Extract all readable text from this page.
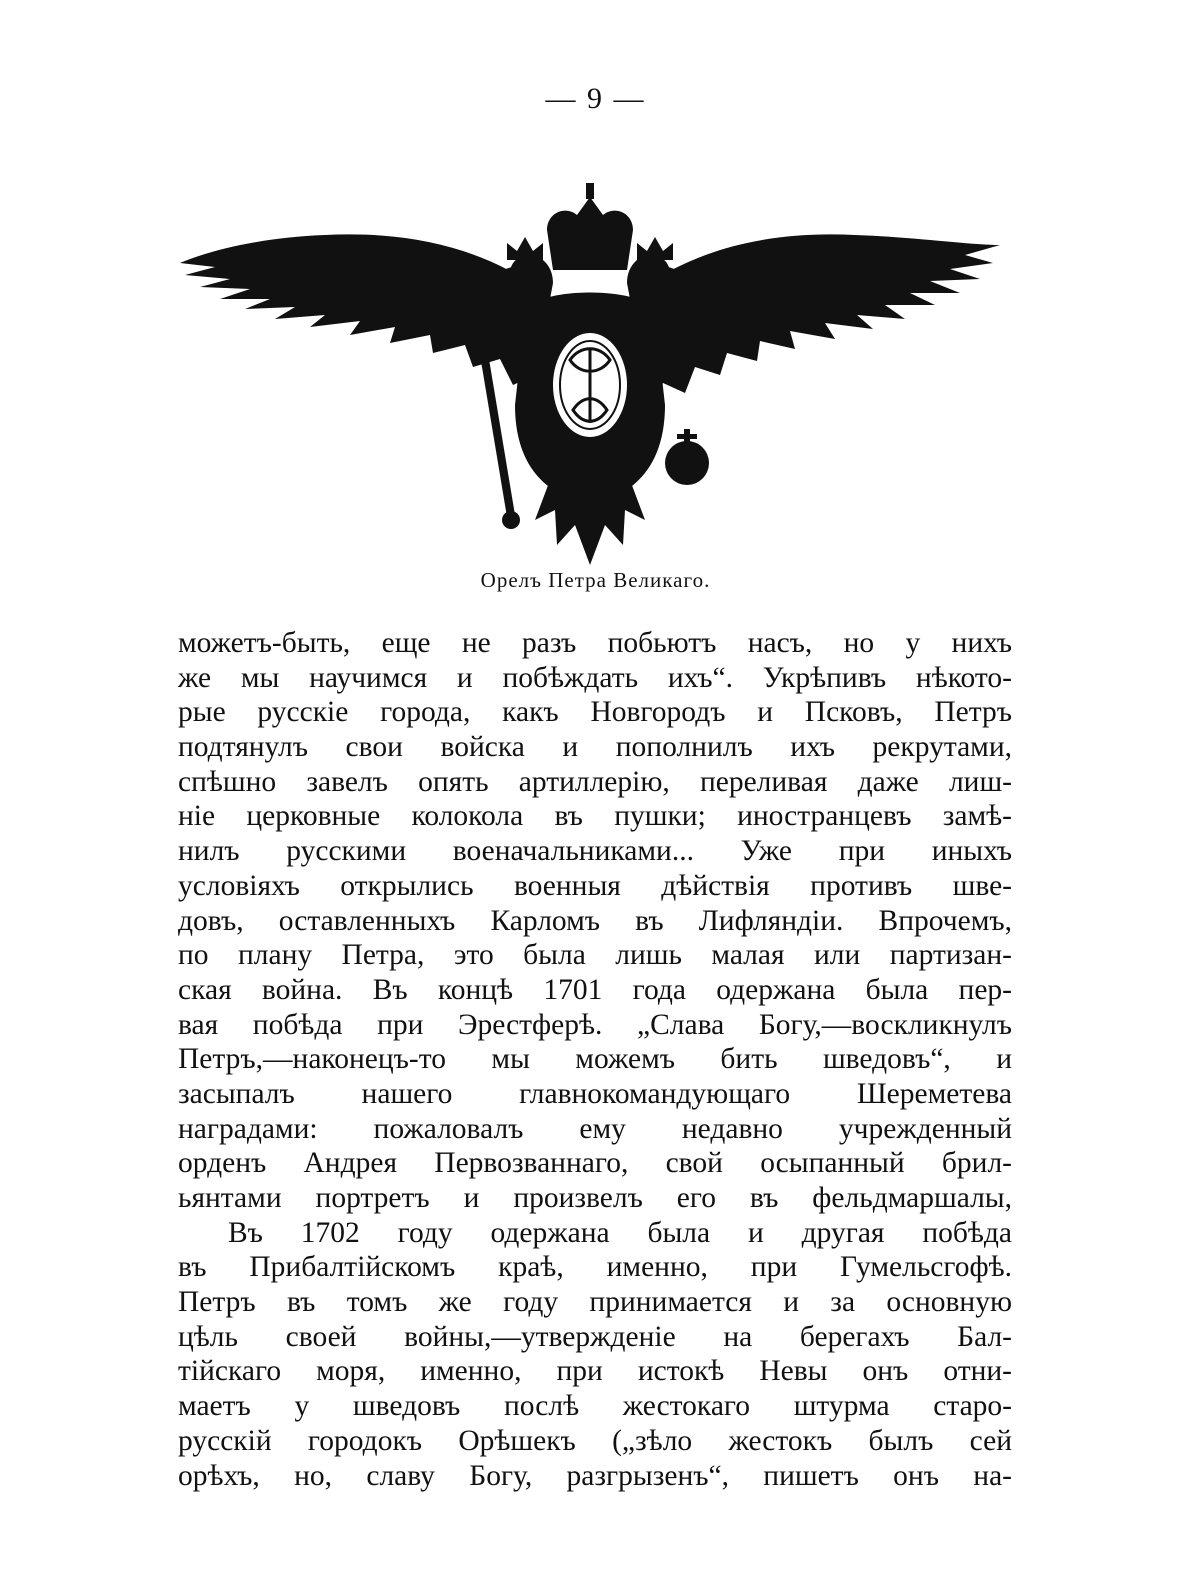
— 9 —
Орелъ Петра Великаго.
можетъ-быть, еще не разъ побьютъ насъ, но у нихъ
же мы научимся и побѣждать ихъ“. Укрѣпивъ нѣкото-
рые русскіе города, какъ Новгородъ и Псковъ, Петръ
подтянулъ свои войска и пополнилъ ихъ рекрутами,
спѣшно завелъ опять артиллерію, переливая даже лиш-
ніе церковные колокола въ пушки; иностранцевъ замѣ-
нилъ русскими военачальниками... Уже при иныхъ
условіяхъ открылись военныя дѣйствія противъ шве-
довъ, оставленныхъ Карломъ въ Лифляндіи. Впрочемъ,
по плану Петра, это была лишь малая или партизан-
ская война. Въ концѣ 1701 года одержана была пер-
вая побѣда при Эрестферѣ. „Слава Богу,—воскликнулъ
Петръ,—наконецъ-то мы можемъ бить шведовъ“, и
засыпалъ нашего главнокомандующаго Шереметева
наградами: пожаловалъ ему недавно учрежденный
орденъ Андрея Первозваннаго, свой осыпанный брил-
ьянтами портретъ и произвелъ его въ фельдмаршалы,
Въ 1702 году одержана была и другая побѣда
въ Прибалтійскомъ краѣ, именно, при Гумельсгофѣ.
Петръ въ томъ же году принимается и за основную
цѣль своей войны,—утвержденіе на берегахъ Бал-
тійскаго моря, именно, при истокѣ Невы онъ отни-
маетъ у шведовъ послѣ жестокаго штурма старо-
русскій городокъ Орѣшекъ („зѣло жестокъ былъ сей
орѣхъ, но, славу Богу, разгрызенъ“, пишетъ онъ на-
